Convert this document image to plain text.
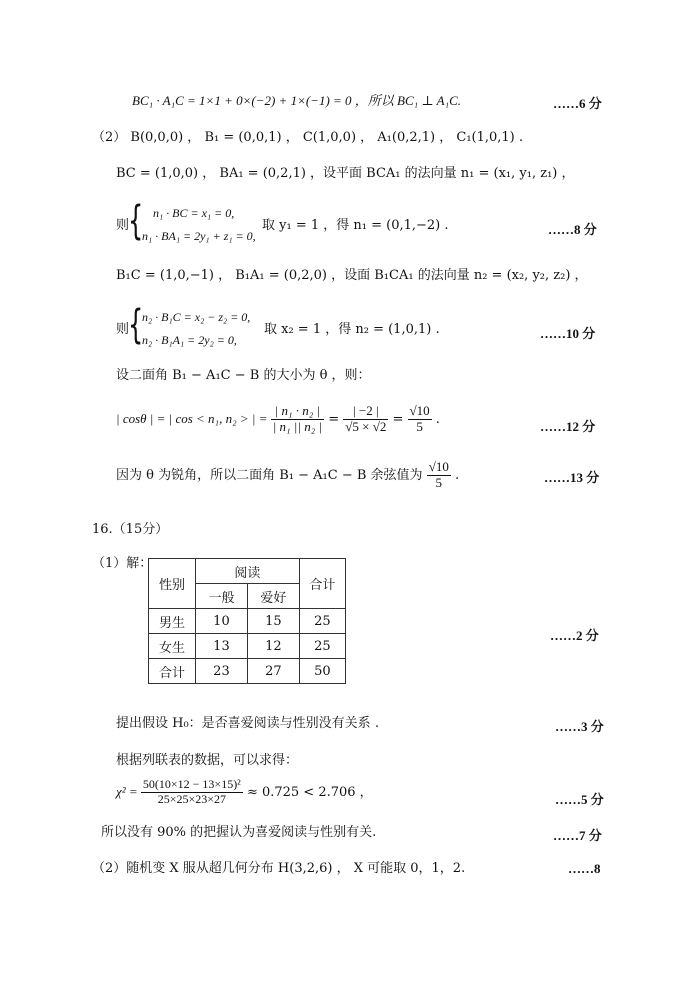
BC₁ · A₁C = 1×1 + 0×(−2) + 1×(−1) = 0 ，所以 BC₁ ⊥ A₁C.	……6 分
（2） B(0,0,0) ， B₁ = (0,0,1) ， C(1,0,0) ， A₁(0,2,1) ， C₁(1,0,1) .
BC = (1,0,0) ， BA₁ = (0,2,1) ，设平面 BCA₁ 的法向量 n₁ = (x₁, y₁, z₁) ，
则
{ n₁ · BC = x₁ = 0,
n₁ · BA₁ = 2y₁ + z₁ = 0,
取 y₁ = 1 ，得 n₁ = (0,1,−2) .	……8 分
B₁C = (1,0,−1) ， B₁A₁ = (0,2,0) ，设面 B₁CA₁ 的法向量 n₂ = (x₂, y₂, z₂) ，
则
{
n₂ · B₁C = x₂ − z₂ = 0,
n₂ · B₁A₁ = 2y₂ = 0,
取 x₂ = 1 ，得 n₂ = (1,0,1) .	……10 分
设二面角 B₁ − A₁C − B 的大小为 θ ，则：
| cosθ | = | cos < n₁, n₂ > | = $\frac{\text{| n₁ · n₂ |}}{\text{| n₁ || n₂ |}} = \frac{| -2 |}{√5 \times √2} = \frac{√10}{5}$ .	……12 分
因为 θ 为锐角，所以二面角 B₁ − A₁C − B 余弦值为 $\frac{√10}{5}$ .	……13 分
16.（15分）
（1）解：
性别	阅读		合计
	一般	爱好	
男生	10	15	25
女生	13	12	25
合计	23	27	50
……2 分
提出假设 H₀：是否喜爱阅读与性别没有关系 .	……3 分
根据列联表的数据，可以求得：
$\chi^2 = \frac{\text{50(10×12 − 13×15)²}}{25\times 25\times 23\times 27} \approx 0.725 < 2.706$ ，	……5 分
所以没有 90% 的把握认为喜爱阅读与性别有关.	……7 分
（2）随机变 X 服从超几何分布 H(3,2,6) ， X 可能取 0，1，2.	……8
